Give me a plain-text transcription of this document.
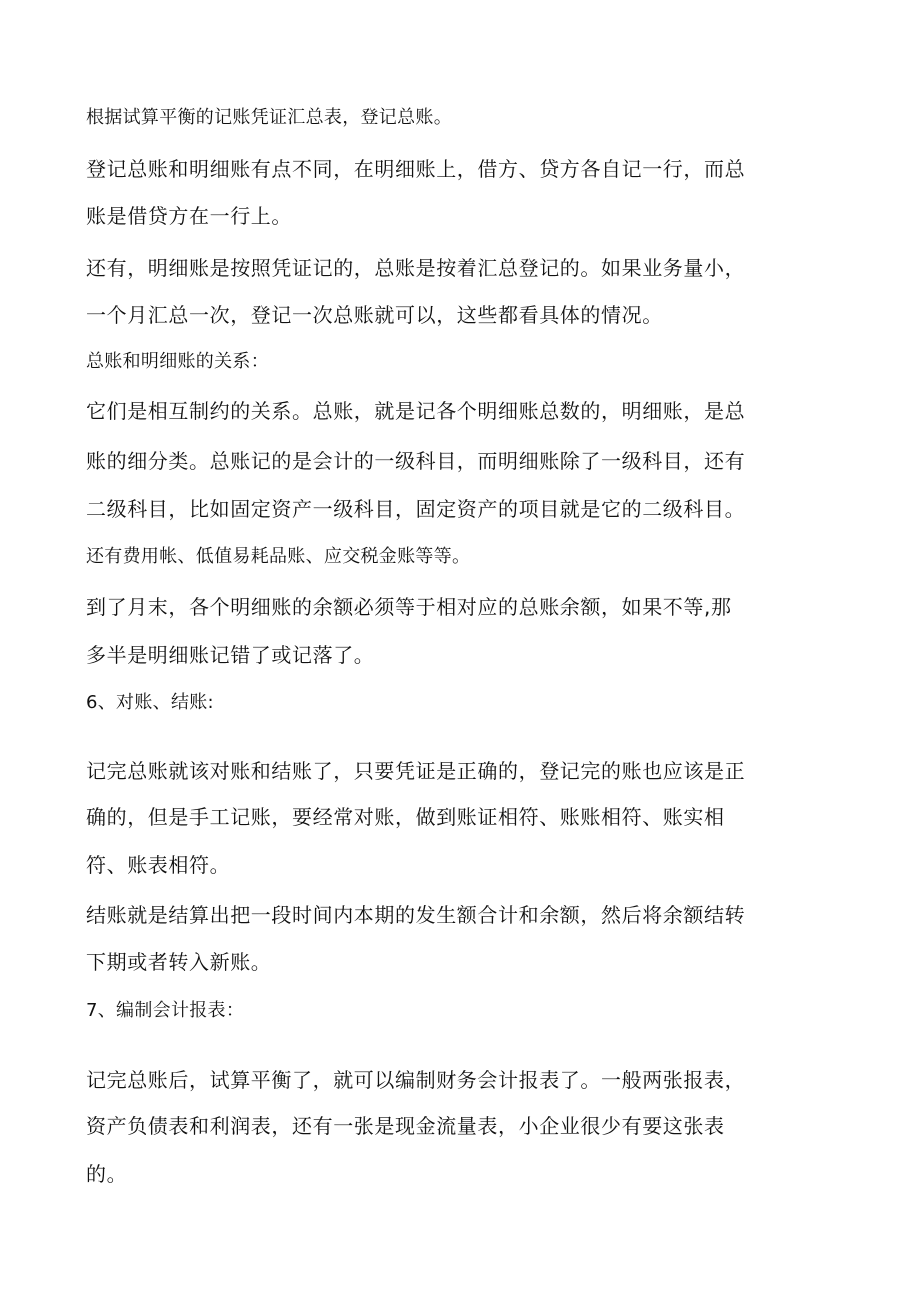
根据试算平衡的记账凭证汇总表，登记总账。

登记总账和明细账有点不同，在明细账上，借方、贷方各自记一行，而总

账是借贷方在一行上。

还有，明细账是按照凭证记的，总账是按着汇总登记的。如果业务量小，

一个月汇总一次，登记一次总账就可以，这些都看具体的情况。

总账和明细账的关系：

它们是相互制约的关系。总账，就是记各个明细账总数的，明细账，是总

账的细分类。总账记的是会计的一级科目，而明细账除了一级科目，还有

二级科目，比如固定资产一级科目，固定资产的项目就是它的二级科目。

还有费用帐、低值易耗品账、应交税金账等等。

到了月末，各个明细账的余额必须等于相对应的总账余额，如果不等,那

多半是明细账记错了或记落了。

6、对账、结账:

记完总账就该对账和结账了，只要凭证是正确的，登记完的账也应该是正

确的，但是手工记账，要经常对账，做到账证相符、账账相符、账实相

符、账表相符。

结账就是结算出把一段时间内本期的发生额合计和余额，然后将余额结转

下期或者转入新账。

7、编制会计报表：

记完总账后，试算平衡了，就可以编制财务会计报表了。一般两张报表，

资产负债表和利润表，还有一张是现金流量表，小企业很少有要这张表

的。
